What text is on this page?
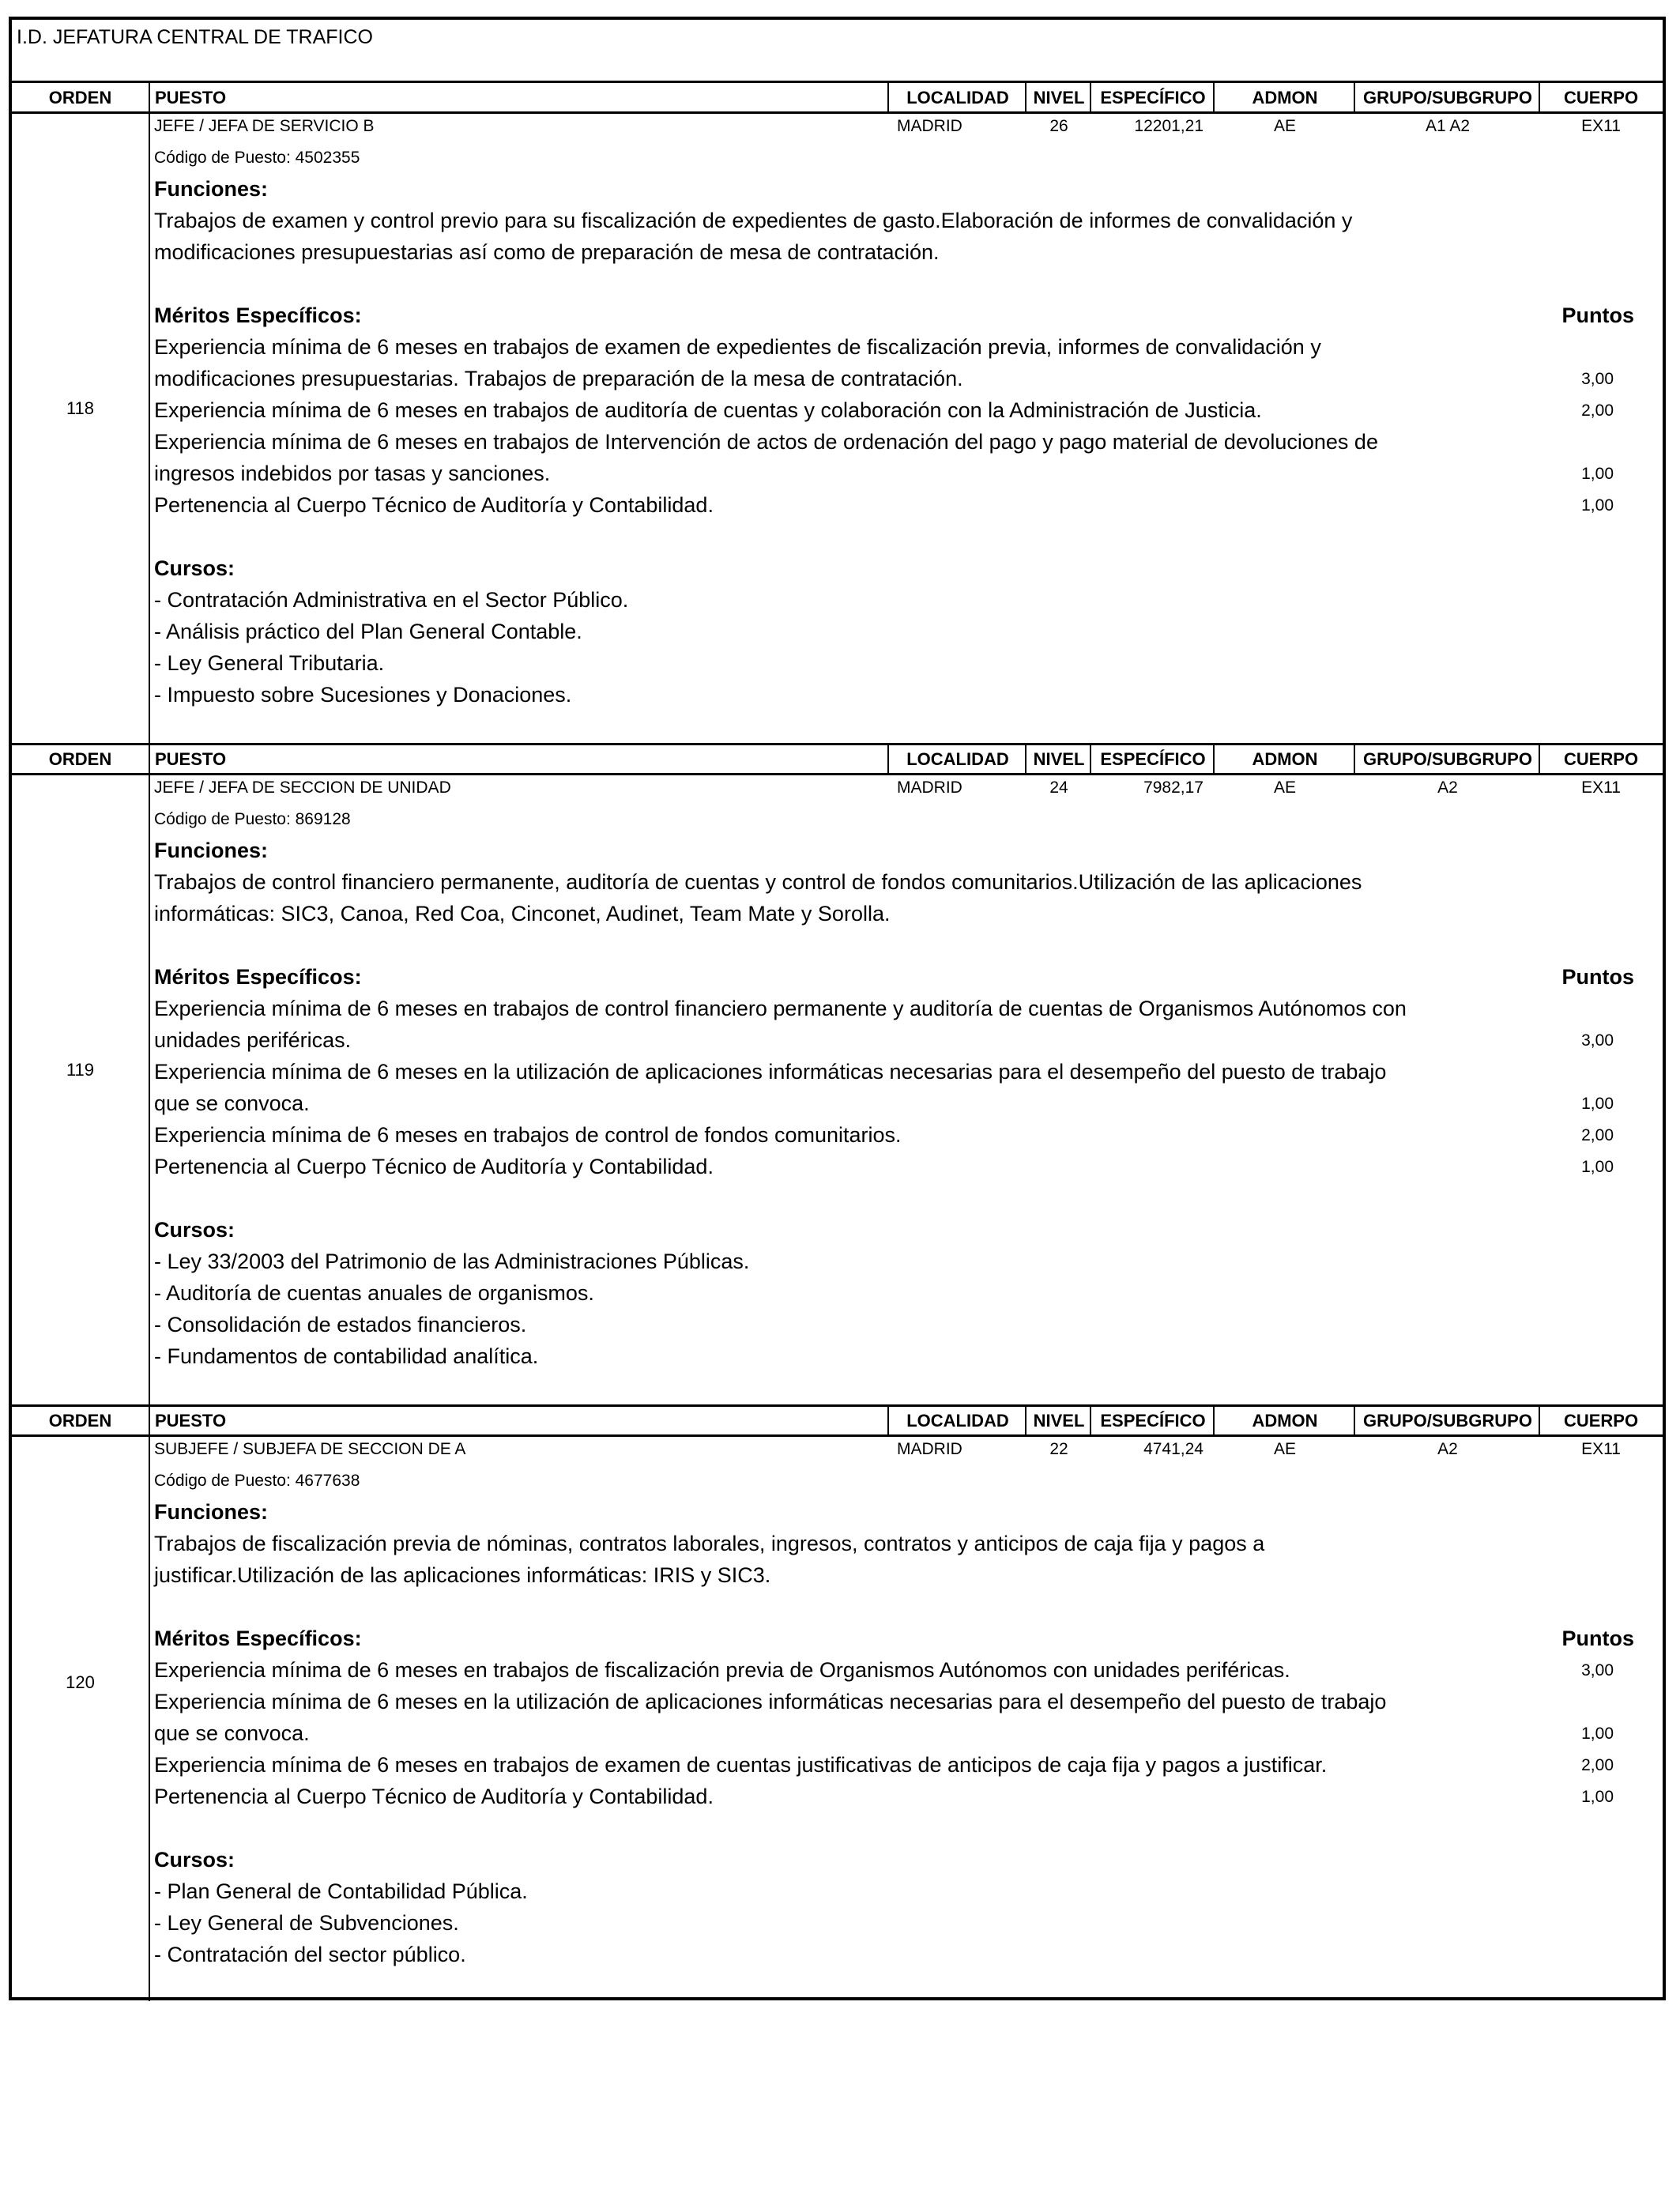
I.D. JEFATURA CENTRAL DE TRAFICO
ORDEN	PUESTO	LOCALIDAD	NIVEL ESPECÍFICO	ADMON	GRUPO/SUBGRUPO	CUERPO
118
JEFE / JEFA DE SERVICIO B	MADRID	26	12201,21	AE	A1 A2	EX11
Código de Puesto: 4502355
Funciones:
Trabajos de examen y control previo para su fiscalización de expedientes de gasto.Elaboración de informes de convalidación y
modificaciones presupuestarias así como de preparación de mesa de contratación.
Méritos Específicos:	Puntos
Experiencia mínima de 6 meses en trabajos de examen de expedientes de fiscalización previa, informes de convalidación y
modificaciones presupuestarias. Trabajos de preparación de la mesa de contratación.	3,00
Experiencia mínima de 6 meses en trabajos de auditoría de cuentas y colaboración con la Administración de Justicia.	2,00
Experiencia mínima de 6 meses en trabajos de Intervención de actos de ordenación del pago y pago material de devoluciones de
ingresos indebidos por tasas y sanciones.	1,00
Pertenencia al Cuerpo Técnico de Auditoría y Contabilidad.	1,00
Cursos:
- Contratación Administrativa en el Sector Público.
- Análisis práctico del Plan General Contable.
- Ley General Tributaria.
- Impuesto sobre Sucesiones y Donaciones.
ORDEN	PUESTO	LOCALIDAD	NIVEL ESPECÍFICO	ADMON	GRUPO/SUBGRUPO	CUERPO
119
JEFE / JEFA DE SECCION DE UNIDAD	MADRID	24	7982,17	AE	A2	EX11
Código de Puesto: 869128
Funciones:
Trabajos de control financiero permanente, auditoría de cuentas y control de fondos comunitarios.Utilización de las aplicaciones
informáticas: SIC3, Canoa, Red Coa, Cinconet, Audinet, Team Mate y Sorolla.
Méritos Específicos:	Puntos
Experiencia mínima de 6 meses en trabajos de control financiero permanente y auditoría de cuentas de Organismos Autónomos con
unidades periféricas.	3,00
Experiencia mínima de 6 meses en la utilización de aplicaciones informáticas necesarias para el desempeño del puesto de trabajo
que se convoca.	1,00
Experiencia mínima de 6 meses en trabajos de control de fondos comunitarios.	2,00
Pertenencia al Cuerpo Técnico de Auditoría y Contabilidad.	1,00
Cursos:
- Ley 33/2003 del Patrimonio de las Administraciones Públicas.
- Auditoría de cuentas anuales de organismos.
- Consolidación de estados financieros.
- Fundamentos de contabilidad analítica.
ORDEN	PUESTO	LOCALIDAD	NIVEL ESPECÍFICO	ADMON	GRUPO/SUBGRUPO	CUERPO
120
SUBJEFE / SUBJEFA DE SECCION DE A	MADRID	22	4741,24	AE	A2	EX11
Código de Puesto: 4677638
Funciones:
Trabajos de fiscalización previa de nóminas, contratos laborales, ingresos, contratos y anticipos de caja fija y pagos a
justificar.Utilización de las aplicaciones informáticas: IRIS y SIC3.
Méritos Específicos:	Puntos
Experiencia mínima de 6 meses en trabajos de fiscalización previa de Organismos Autónomos con unidades periféricas.	3,00
Experiencia mínima de 6 meses en la utilización de aplicaciones informáticas necesarias para el desempeño del puesto de trabajo
que se convoca.	1,00
Experiencia mínima de 6 meses en trabajos de examen de cuentas justificativas de anticipos de caja fija y pagos a justificar.	2,00
Pertenencia al Cuerpo Técnico de Auditoría y Contabilidad.	1,00
Cursos:
- Plan General de Contabilidad Pública.
- Ley General de Subvenciones.
- Contratación del sector público.
